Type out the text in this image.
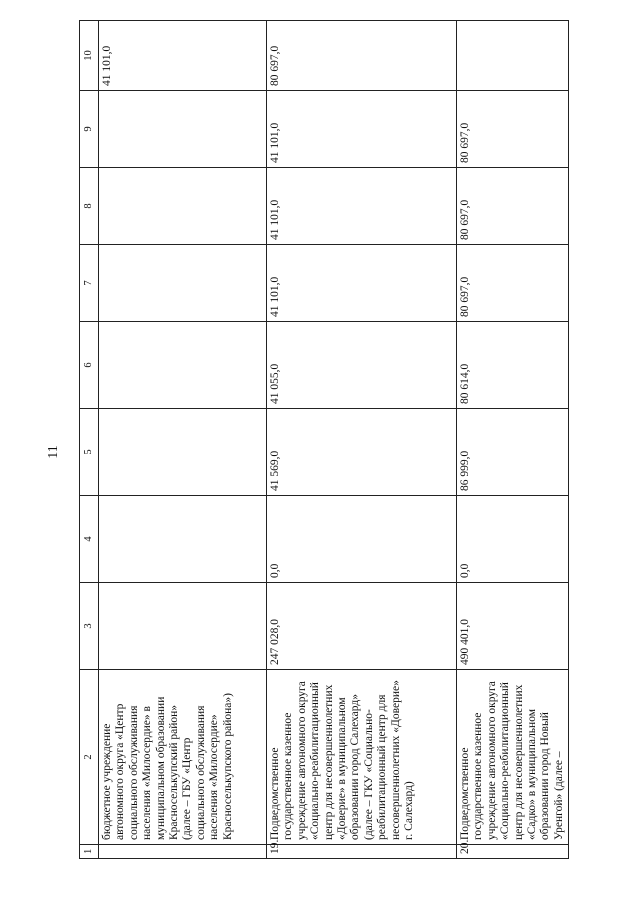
11
1	2	3	4	5	6	7	8	9	10
	бюджетное учреждение автономного округа «Центр социального обслуживания населения «Милосердие» в муниципальном образовании Красноселькупский район» (далее – ГБУ «Центр социального обслуживания населения «Милосердие» Красноселькупского района»)								41 101,0
19.	Подведомственное государственное казенное учреждение автономного округа «Социально-реабилитационный центр для несовершеннолетних «Доверие» в муниципальном образовании город Салехард» (далее – ГКУ «Социально-реабилитационный центр для несовершеннолетних «Доверие» г. Салехард)	247 028,0	0,0	41 569,0	41 055,0	41 101,0	41 101,0	41 101,0	80 697,0
20.	Подведомственное государственное казенное учреждение автономного округа «Социально-реабилитационный центр для несовершеннолетних «Садко» в муниципальном образовании город Новый Уренгой» (далее –	490 401,0	0,0	86 999,0	80 614,0	80 697,0	80 697,0	80 697,0	
